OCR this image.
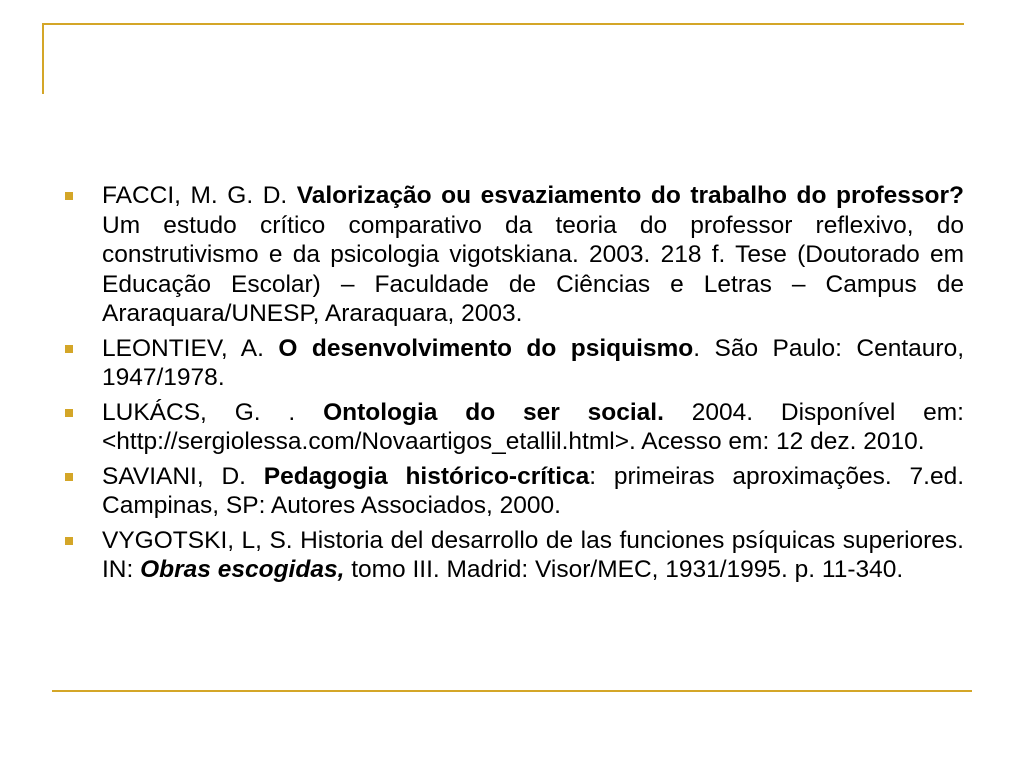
FACCI, M. G. D. Valorização ou esvaziamento do trabalho do professor? Um estudo crítico comparativo da teoria do professor reflexivo, do construtivismo e da psicologia vigotskiana. 2003. 218 f. Tese (Doutorado em Educação Escolar) – Faculdade de Ciências e Letras – Campus de Araraquara/UNESP, Araraquara, 2003.
LEONTIEV, A. O desenvolvimento do psiquismo. São Paulo: Centauro, 1947/1978.
LUKÁCS, G. . Ontologia do ser social. 2004. Disponível em: <http://sergiolessa.com/Novaartigos_etallil.html>. Acesso em: 12 dez. 2010.
SAVIANI, D. Pedagogia histórico-crítica: primeiras aproximações. 7.ed. Campinas, SP: Autores Associados, 2000.
VYGOTSKI, L, S. Historia del desarrollo de las funciones psíquicas superiores. IN: Obras escogidas, tomo III. Madrid: Visor/MEC, 1931/1995. p. 11-340.
